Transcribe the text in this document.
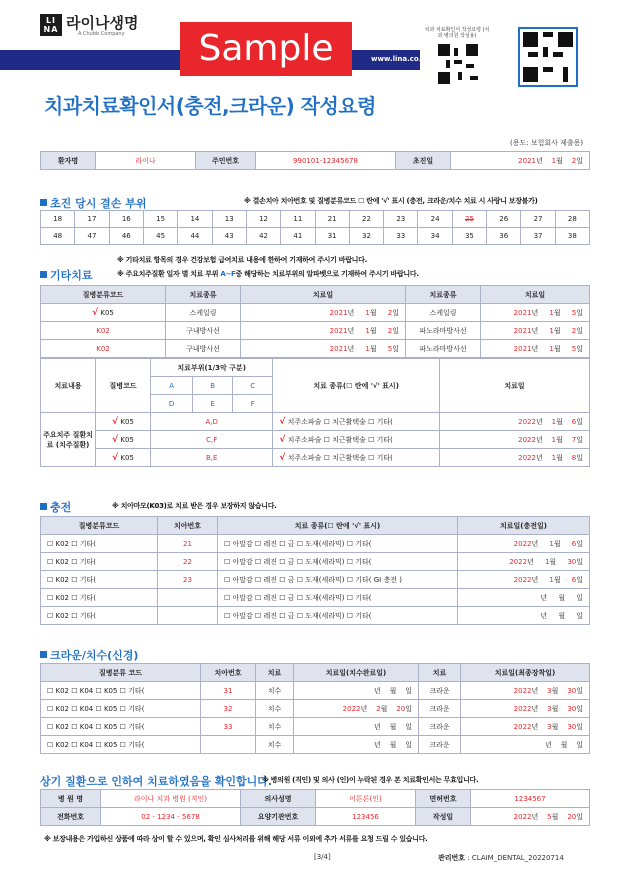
LI NA 라이나생명
A Chubb Company
www.lina.co.kr
Sample	치과 치료확인서 작성요령 (치과 병의원 작성용)
치과치료확인서(충전,크라운) 작성요령
(용도: 보험회사 제출용)
환자명	라이나	주민번호	990101-12345678	초진일	2021년 1월 2일
초진 당시 결손 부위	※ 결손치아 치아번호 및 질병분류코드 ☐ 란에 '√' 표시 (충전, 크라운/치수 치료 시 사랑니 보장불가)
18	17	16	15	14	13	12	11	21	22	23	24	25	26	27	28
48	47	46	45	44	43	42	41	31	32	33	34	35	36	37	38
※ 기타치료 항목의 경우 건강보험 급여치료 내용에 한하여 기재하여 주시기 바랍니다.
기타치료	※ 주요치주질환 일자 별 치료 부위 A~F중 해당하는 치료부위의 알파벳으로 기재하여 주시기 바랍니다.
질병분류코드	치료종류	치료일	치료종류	치료일
√ K05	스케일링	2021년 1월 2일	스케일링	2021년 1월 5일
K02	구내방사선	2021년 1월 2일	파노라마방사선	2021년 1월 2일
K02	구내방사선	2021년 1월 5일	파노라마방사선	2021년 1월 5일
치료내용	질병코드	치료부위(1/3악 구분)			치료 종류(☐ 란에 '√' 표시)	치료일
		A	B	C		
		D	E	F		
주요치주 질환치료 (치주질환)	√ K05	A,D			√ 치주소파술 ☐ 치근활택술 ☐ 기타(	2022년 1월 6일
	√ K05	C,F			√ 치주소파술 ☐ 치근활택술 ☐ 기타(	2022년 1월 7일
	√ K05	B,E			√ 치주소파술 ☐ 치근활택술 ☐ 기타(	2022년 1월 8일
충전	※ 치아마모(K03)로 치료 받은 경우 보장하지 않습니다.
질병분류코드	치아번호	치료 종류(☐ 란에 '√' 표시)	치료일(충전일)
☐ K02 ☐ 기타(	21	☐ 아말감 ☐ 레진 ☐ 금 ☐ 도재(세라믹) ☐ 기타(	2022년 1월 6일
☐ K02 ☐ 기타(	22	☐ 아말감 ☐ 레진 ☐ 금 ☐ 도재(세라믹) ☐ 기타(	2022년 1월 30일
☐ K02 ☐ 기타(	23	☐ 아말감 ☐ 레진 ☐ 금 ☐ 도재(세라믹) ☐ 기타( GI 충전 )	2022년 1월 6일
☐ K02 ☐ 기타(		☐ 아말감 ☐ 레진 ☐ 금 ☐ 도재(세라믹) ☐ 기타(	년 월 일
☐ K02 ☐ 기타(		☐ 아말감 ☐ 레진 ☐ 금 ☐ 도재(세라믹) ☐ 기타(	년 월 일
크라운/치수(신경)
질병분류 코드	치아번호	치료	치료일(치수완료일)	치료	치료일(최종장착일)
☐ K02 ☐ K04 ☐ K05 ☐ 기타(	31	치수	년 월 일	크라운	2022년 3월 30일
☐ K02 ☐ K04 ☐ K05 ☐ 기타(	32	치수	2022년 2월 20일	크라운	2022년 3월 30일
☐ K02 ☐ K04 ☐ K05 ☐ 기타(	33	치수	년 월 일	크라운	2022년 3월 30일
☐ K02 ☐ K04 ☐ K05 ☐ 기타(		치수	년 월 일	크라운	년 월 일
상기 질환으로 인하여 치료하였음을 확인합니다.
※ 병의원 (직인) 및 의사 (인)이 누락된 경우 본 치료확인서는 무효입니다.
병 원 명	라이나 치과 병원 (직인)	의사성명	이튼튼(인)	면허번호	1234567
전화번호	02 - 1234 - 5678	요양기관번호	123456	작성일	2022년 5월 20일
※ 보장내용은 가입하신 상품에 따라 상이 할 수 있으며, 확인 심사처리를 위해 해당 서류 이외에 추가 서류를 요청 드릴 수 있습니다.
[3/4]	관리번호 : CLAIM_DENTAL_20220714
